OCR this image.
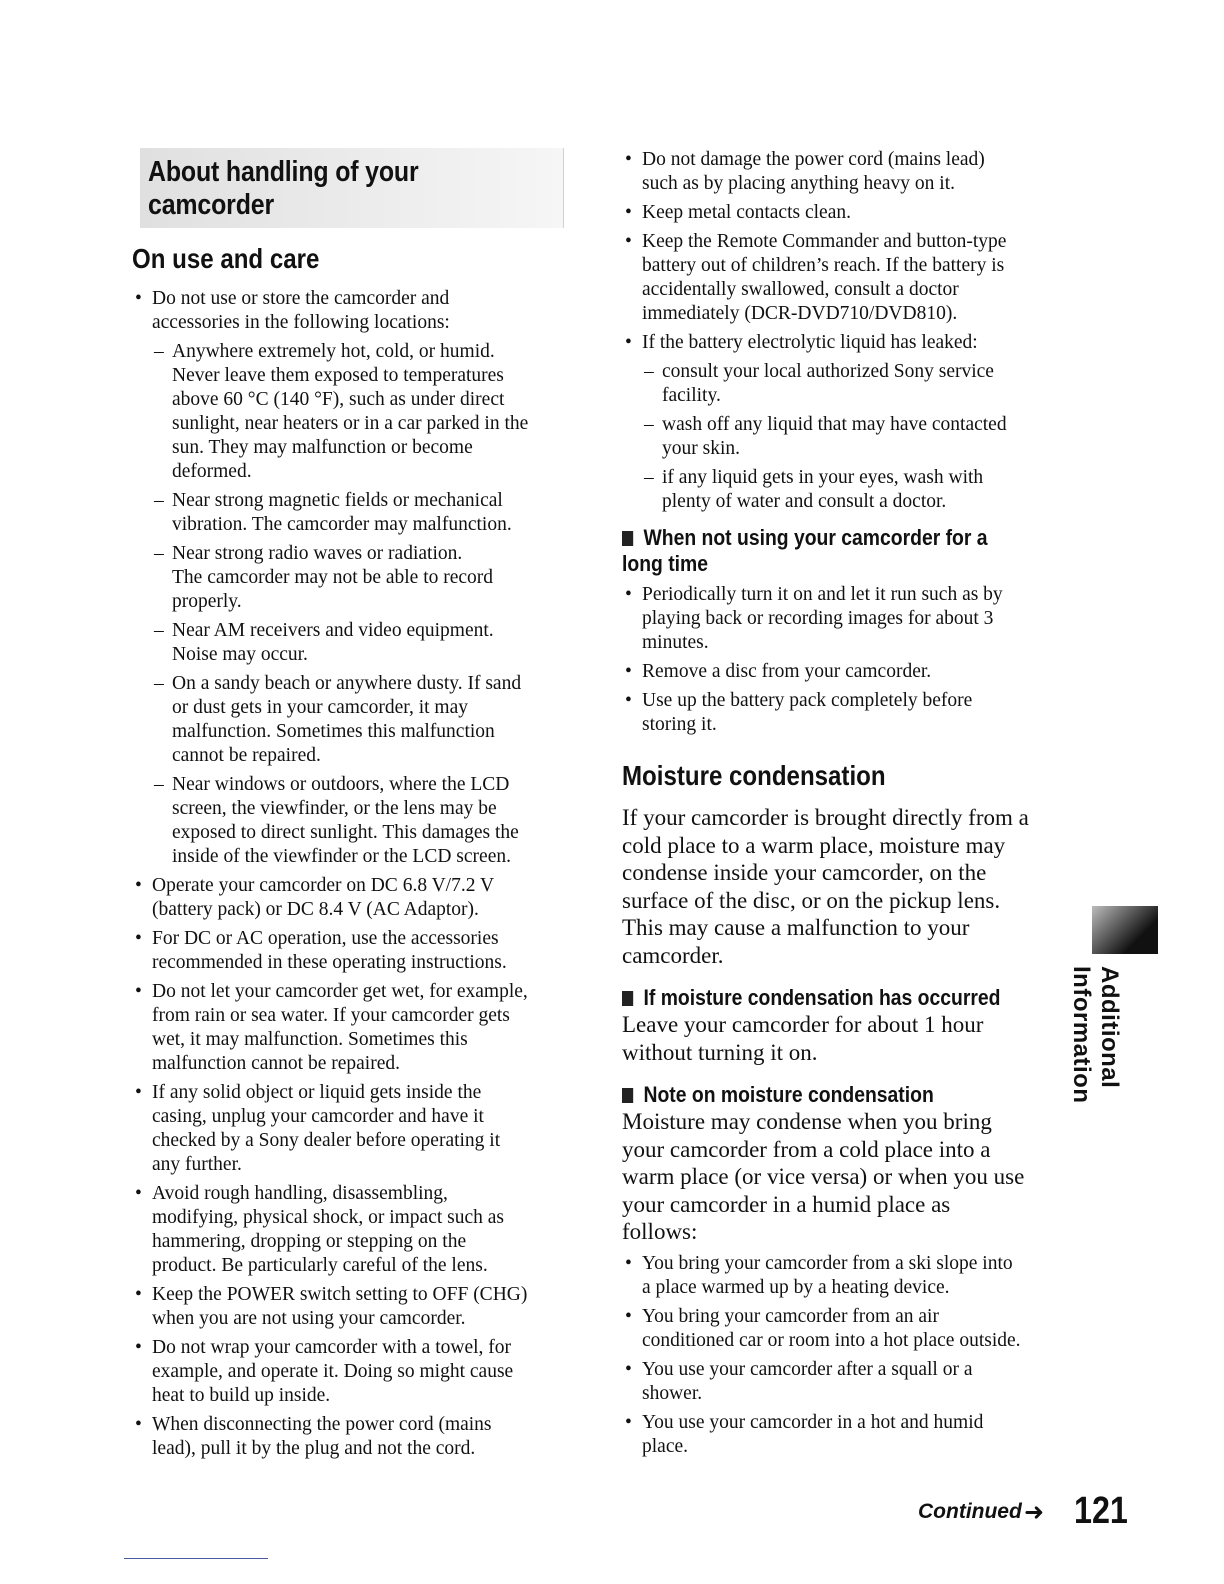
About handling of your
camcorder
On use and care
• Do not use or store the camcorder and
accessories in the following locations:
– Anywhere extremely hot, cold, or humid.
Never leave them exposed to temperatures
above 60 °C (140 °F), such as under direct
sunlight, near heaters or in a car parked in the
sun. They may malfunction or become
deformed.
– Near strong magnetic fields or mechanical
vibration. The camcorder may malfunction.
– Near strong radio waves or radiation.
The camcorder may not be able to record
properly.
– Near AM receivers and video equipment.
Noise may occur.
– On a sandy beach or anywhere dusty. If sand
or dust gets in your camcorder, it may
malfunction. Sometimes this malfunction
cannot be repaired.
– Near windows or outdoors, where the LCD
screen, the viewfinder, or the lens may be
exposed to direct sunlight. This damages the
inside of the viewfinder or the LCD screen.
• Operate your camcorder on DC 6.8 V/7.2 V
(battery pack) or DC 8.4 V (AC Adaptor).
• For DC or AC operation, use the accessories
recommended in these operating instructions.
• Do not let your camcorder get wet, for example,
from rain or sea water. If your camcorder gets
wet, it may malfunction. Sometimes this
malfunction cannot be repaired.
• If any solid object or liquid gets inside the
casing, unplug your camcorder and have it
checked by a Sony dealer before operating it
any further.
• Avoid rough handling, disassembling,
modifying, physical shock, or impact such as
hammering, dropping or stepping on the
product. Be particularly careful of the lens.
• Keep the POWER switch setting to OFF (CHG)
when you are not using your camcorder.
• Do not wrap your camcorder with a towel, for
example, and operate it. Doing so might cause
heat to build up inside.
• When disconnecting the power cord (mains
lead), pull it by the plug and not the cord.
• Do not damage the power cord (mains lead)
such as by placing anything heavy on it.
• Keep metal contacts clean.
• Keep the Remote Commander and button-type
battery out of children’s reach. If the battery is
accidentally swallowed, consult a doctor
immediately (DCR-DVD710/DVD810).
• If the battery electrolytic liquid has leaked:
– consult your local authorized Sony service
facility.
– wash off any liquid that may have contacted
your skin.
– if any liquid gets in your eyes, wash with
plenty of water and consult a doctor.
When not using your camcorder for a
long time
• Periodically turn it on and let it run such as by
playing back or recording images for about 3
minutes.
• Remove a disc from your camcorder.
• Use up the battery pack completely before
storing it.
Moisture condensation

If your camcorder is brought directly from a
cold place to a warm place, moisture may
condense inside your camcorder, on the
surface of the disc, or on the pickup lens.
This may cause a malfunction to your
camcorder.

If moisture condensation has occurred

Leave your camcorder for about 1 hour
without turning it on.

Note on moisture condensation

Moisture may condense when you bring
your camcorder from a cold place into a
warm place (or vice versa) or when you use
your camcorder in a humid place as
follows:

• You bring your camcorder from a ski slope into
a place warmed up by a heating device.
• You bring your camcorder from an air
conditioned car or room into a hot place outside.
• You use your camcorder after a squall or a
shower.
• You use your camcorder in a hot and humid
place.
Additional Information
Continued ➜ 121
